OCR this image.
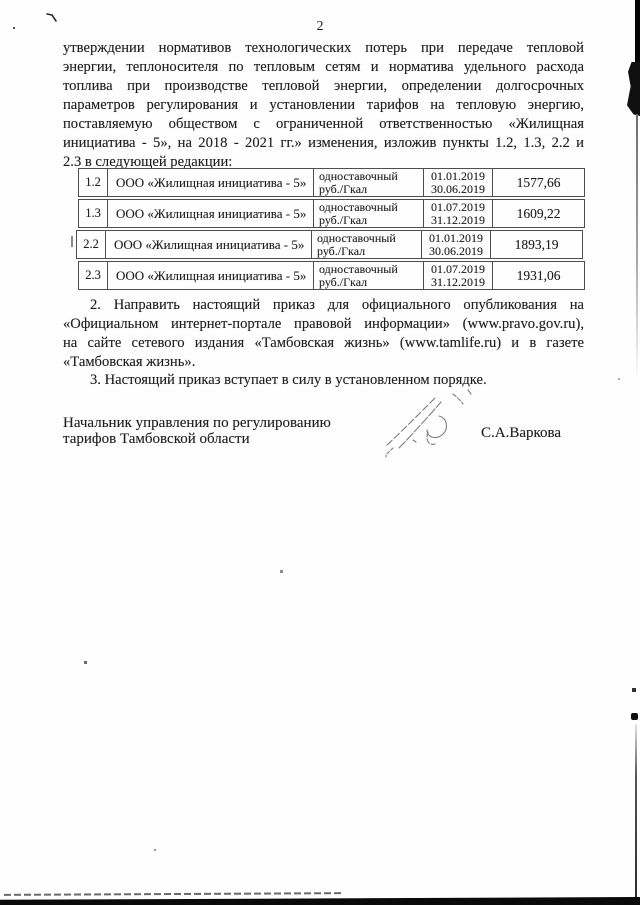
2
утверждении нормативов технологических потерь при передаче тепловой
энергии, теплоносителя по тепловым сетям и норматива удельного расхода
топлива при производстве тепловой энергии, определении долгосрочных
параметров регулирования и установлении тарифов на тепловую энергию,
поставляемую обществом с ограниченной ответственностью «Жилищная
инициатива - 5», на 2018 - 2021 гг.» изменения, изложив пункты 1.2, 1.3, 2.2 и
2.3 в следующей редакции:
1.2	ООО «Жилищная инициатива - 5»	одноставочный
руб./Гкал
01.01.2019
30.06.2019	1577,66
1.3	ООО «Жилищная инициатива - 5»	одноставочный
руб./Гкал
01.07.2019
31.12.2019	1609,22
2.2	ООО «Жилищная инициатива - 5»	одноставочный
руб./Гкал
01.01.2019
30.06.2019	1893,19
2.3	ООО «Жилищная инициатива - 5»	одноставочный
руб./Гкал
01.07.2019
31.12.2019	1931,06
2. Направить настоящий приказ для официального опубликования на
«Официальном интернет-портале правовой информации» (www.pravo.gov.ru),
на сайте сетевого издания «Тамбовская жизнь» (www.tamlife.ru) и в газете
«Тамбовская жизнь».
3. Настоящий приказ вступает в силу в установленном порядке.
Начальник управления по регулированию
тарифов Тамбовской области	С.А.Варкова
